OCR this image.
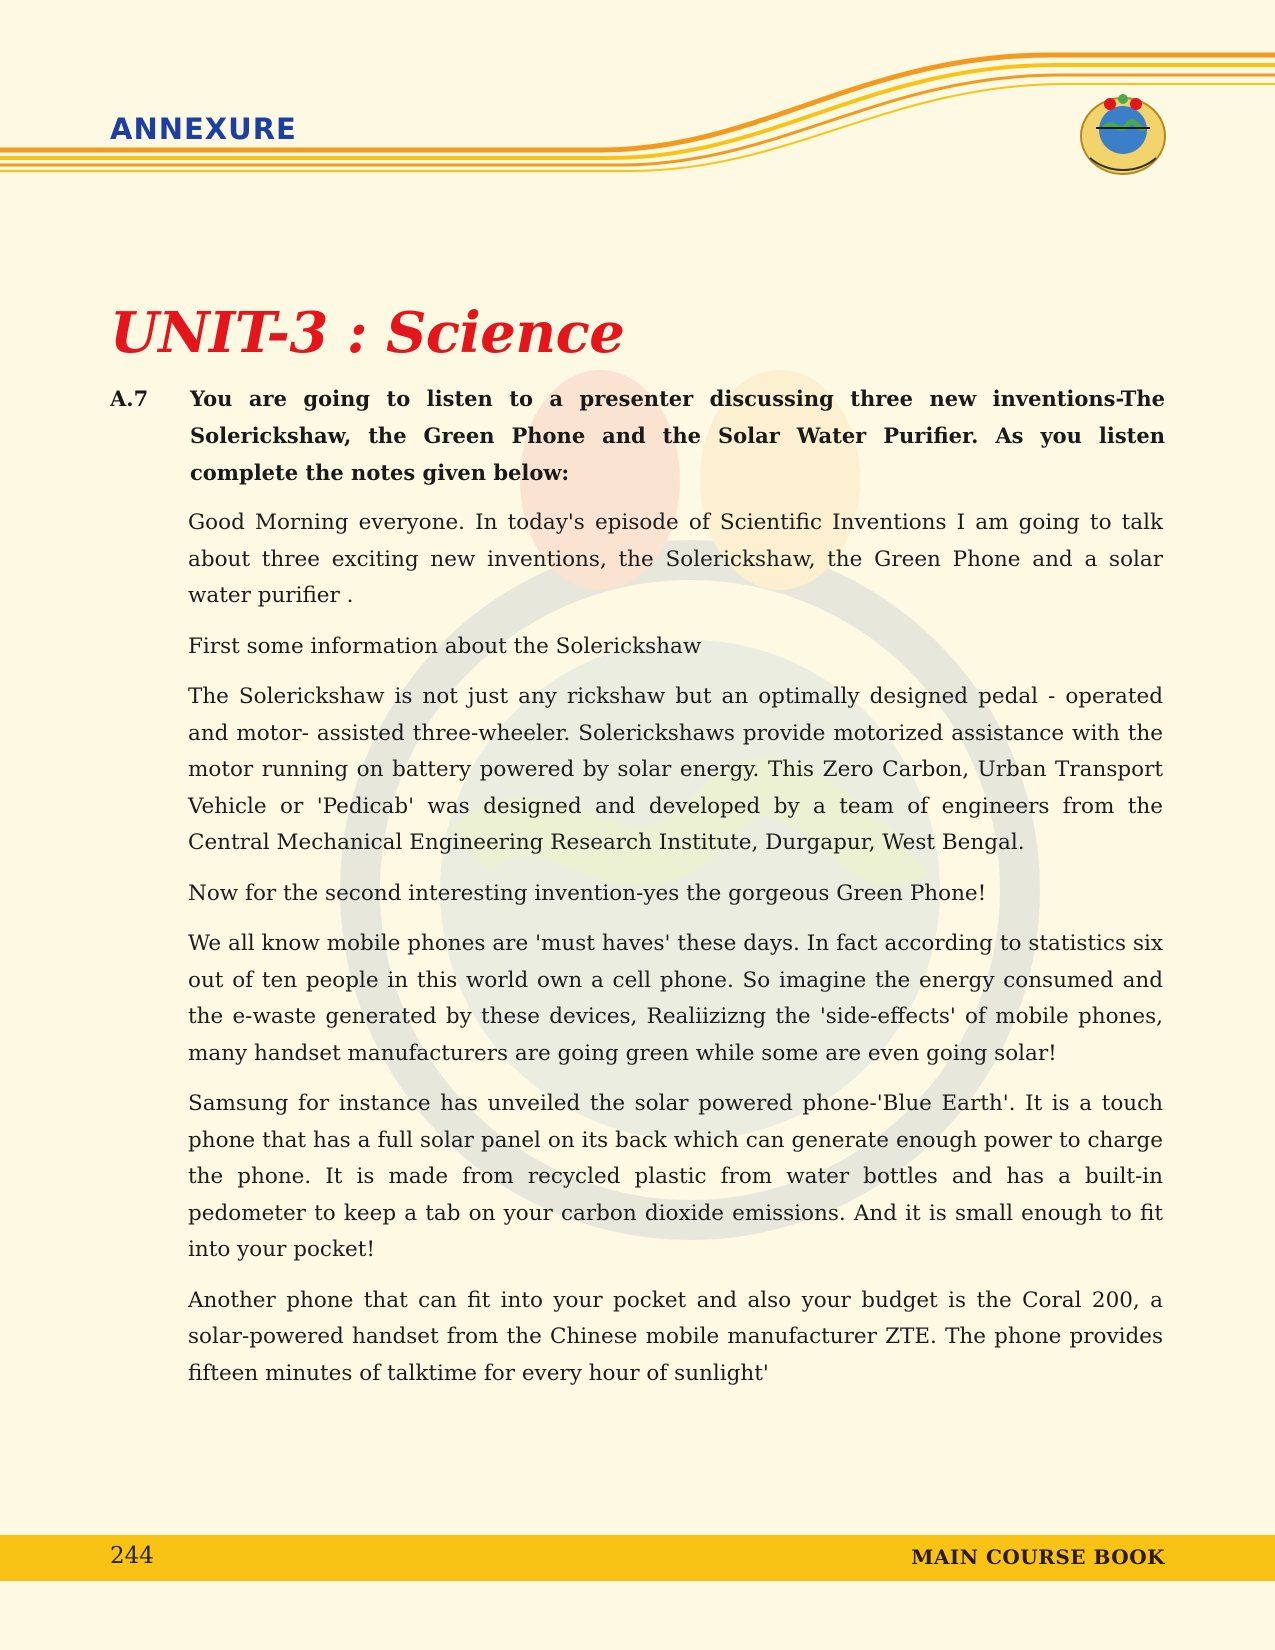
ANNEXURE
UNIT-3 : Science
A.7	You are going to listen to a presenter discussing three new inventions-The Solerickshaw, the Green Phone and the Solar Water Purifier. As you listen complete the notes given below:

Good Morning everyone. In today's episode of Scientific Inventions I am going to talk about three exciting new inventions, the Solerickshaw, the Green Phone and a solar water purifier .

First some information about the Solerickshaw

The Solerickshaw is not just any rickshaw but an optimally designed pedal - operated and motor- assisted three-wheeler. Solerickshaws provide motorized assistance with the motor running on battery powered by solar energy. This Zero Carbon, Urban Transport Vehicle or 'Pedicab' was designed and developed by a team of engineers from the Central Mechanical Engineering Research Institute, Durgapur, West Bengal.

Now for the second interesting invention-yes the gorgeous Green Phone!

We all know mobile phones are 'must haves' these days. In fact according to statistics six out of ten people in this world own a cell phone. So imagine the energy consumed and the e-waste generated by these devices, Realiizizng the 'side-effects' of mobile phones, many handset manufacturers are going green while some are even going solar!

Samsung for instance has unveiled the solar powered phone-'Blue Earth'. It is a touch phone that has a full solar panel on its back which can generate enough power to charge the phone. It is made from recycled plastic from water bottles and has a built-in pedometer to keep a tab on your carbon dioxide emissions. And it is small enough to fit into your pocket!

Another phone that can fit into your pocket and also your budget is the Coral 200, a solar-powered handset from the Chinese mobile manufacturer ZTE. The phone provides fifteen minutes of talktime for every hour of sunlight'

244	MAIN COURSE BOOK
